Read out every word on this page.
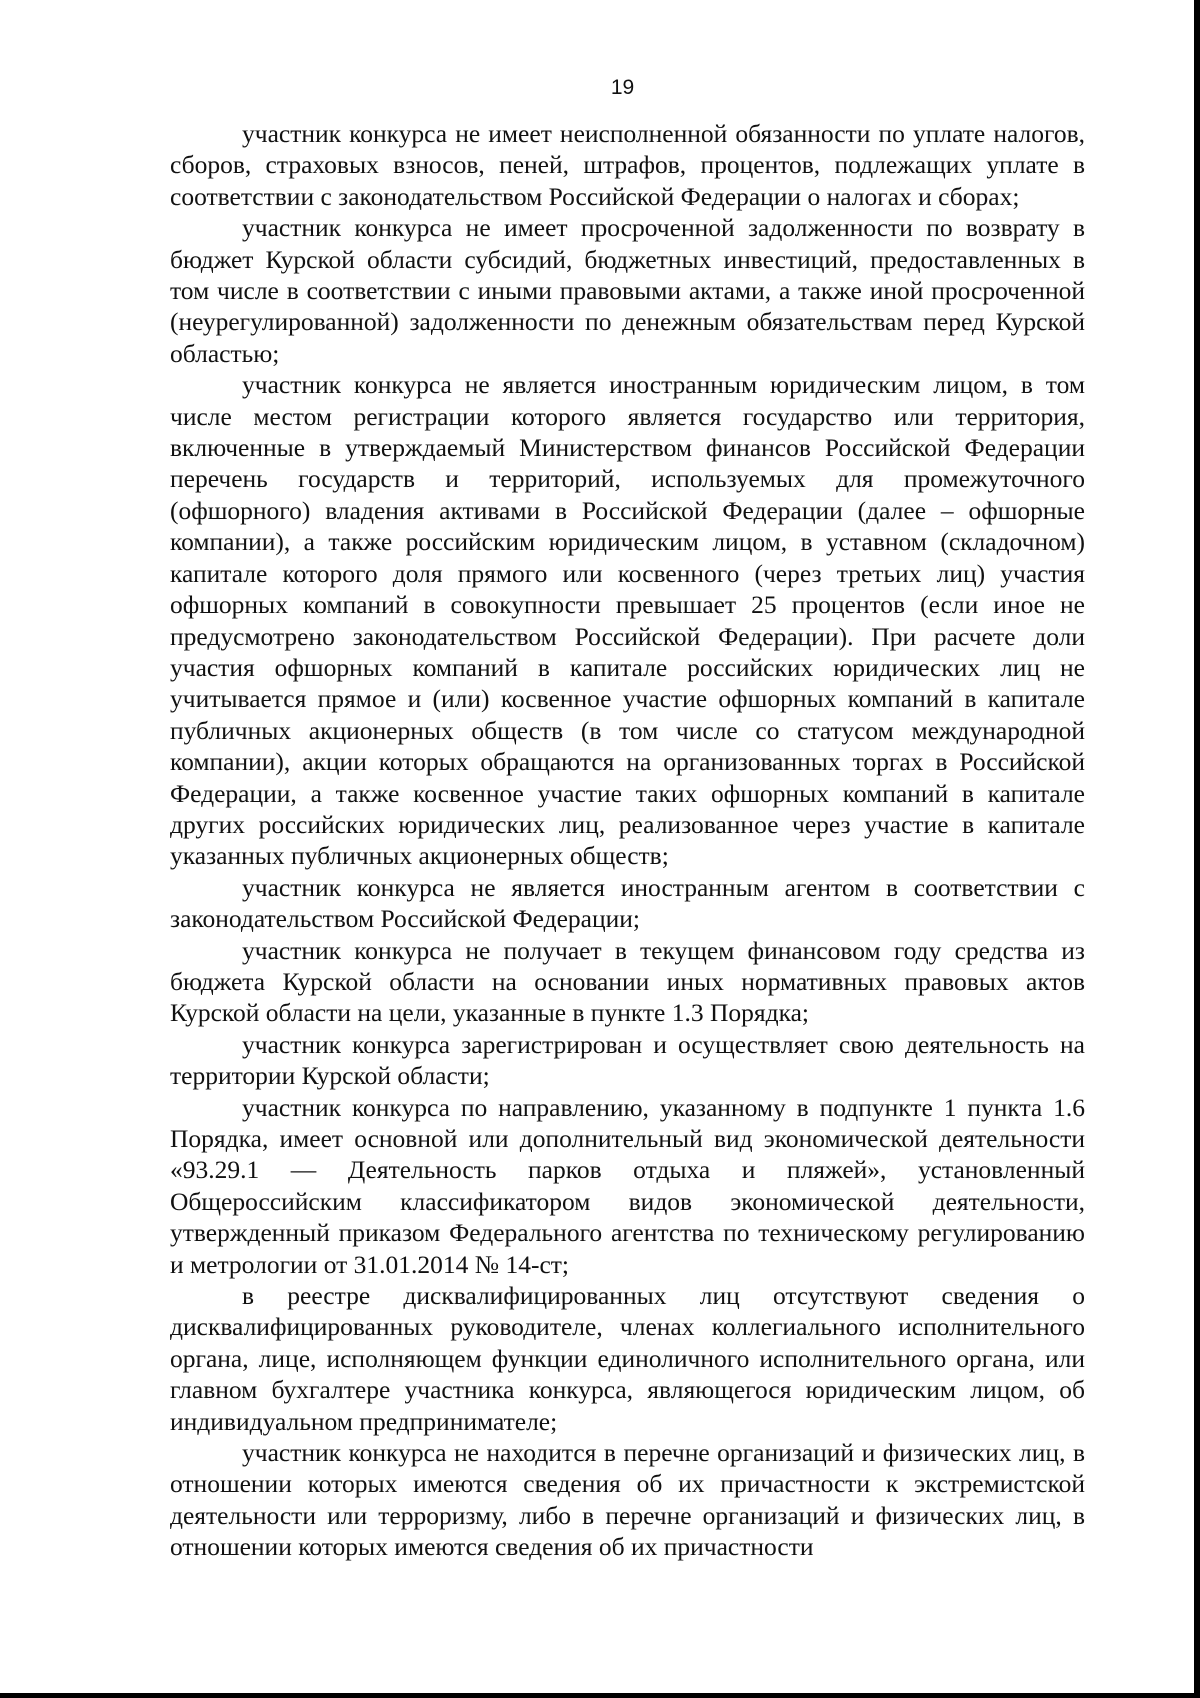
19

участник конкурса не имеет неисполненной обязанности по уплате налогов, сборов, страховых взносов, пеней, штрафов, процентов, подлежащих уплате в соответствии с законодательством Российской Федерации о налогах и сборах;

участник конкурса не имеет просроченной задолженности по возврату в бюджет Курской области субсидий, бюджетных инвестиций, предоставленных в том числе в соответствии с иными правовыми актами, а также иной просроченной (неурегулированной) задолженности по денежным обязательствам перед Курской областью;

участник конкурса не является иностранным юридическим лицом, в том числе местом регистрации которого является государство или территория, включенные в утверждаемый Министерством финансов Российской Федерации перечень государств и территорий, используемых для промежуточного (офшорного) владения активами в Российской Федерации (далее – офшорные компании), а также российским юридическим лицом, в уставном (складочном) капитале которого доля прямого или косвенного (через третьих лиц) участия офшорных компаний в совокупности превышает 25 процентов (если иное не предусмотрено законодательством Российской Федерации). При расчете доли участия офшорных компаний в капитале российских юридических лиц не учитывается прямое и (или) косвенное участие офшорных компаний в капитале публичных акционерных обществ (в том числе со статусом международной компании), акции которых обращаются на организованных торгах в Российской Федерации, а также косвенное участие таких офшорных компаний в капитале других российских юридических лиц, реализованное через участие в капитале указанных публичных акционерных обществ;

участник конкурса не является иностранным агентом в соответствии с законодательством Российской Федерации;

участник конкурса не получает в текущем финансовом году средства из бюджета Курской области на основании иных нормативных правовых актов Курской области на цели, указанные в пункте 1.3 Порядка;

участник конкурса зарегистрирован и осуществляет свою деятельность на территории Курской области;

участник конкурса по направлению, указанному в подпункте 1 пункта 1.6 Порядка, имеет основной или дополнительный вид экономической деятельности «93.29.1 — Деятельность парков отдыха и пляжей», установленный Общероссийским классификатором видов экономической деятельности, утвержденный приказом Федерального агентства по техническому регулированию и метрологии от 31.01.2014 № 14-ст;

в реестре дисквалифицированных лиц отсутствуют сведения о дисквалифицированных руководителе, членах коллегиального исполнительного органа, лице, исполняющем функции единоличного исполнительного органа, или главном бухгалтере участника конкурса, являющегося юридическим лицом, об индивидуальном предпринимателе;

участник конкурса не находится в перечне организаций и физических лиц, в отношении которых имеются сведения об их причастности к экстремистской деятельности или терроризму, либо в перечне организаций и физических лиц, в отношении которых имеются сведения об их причастности
